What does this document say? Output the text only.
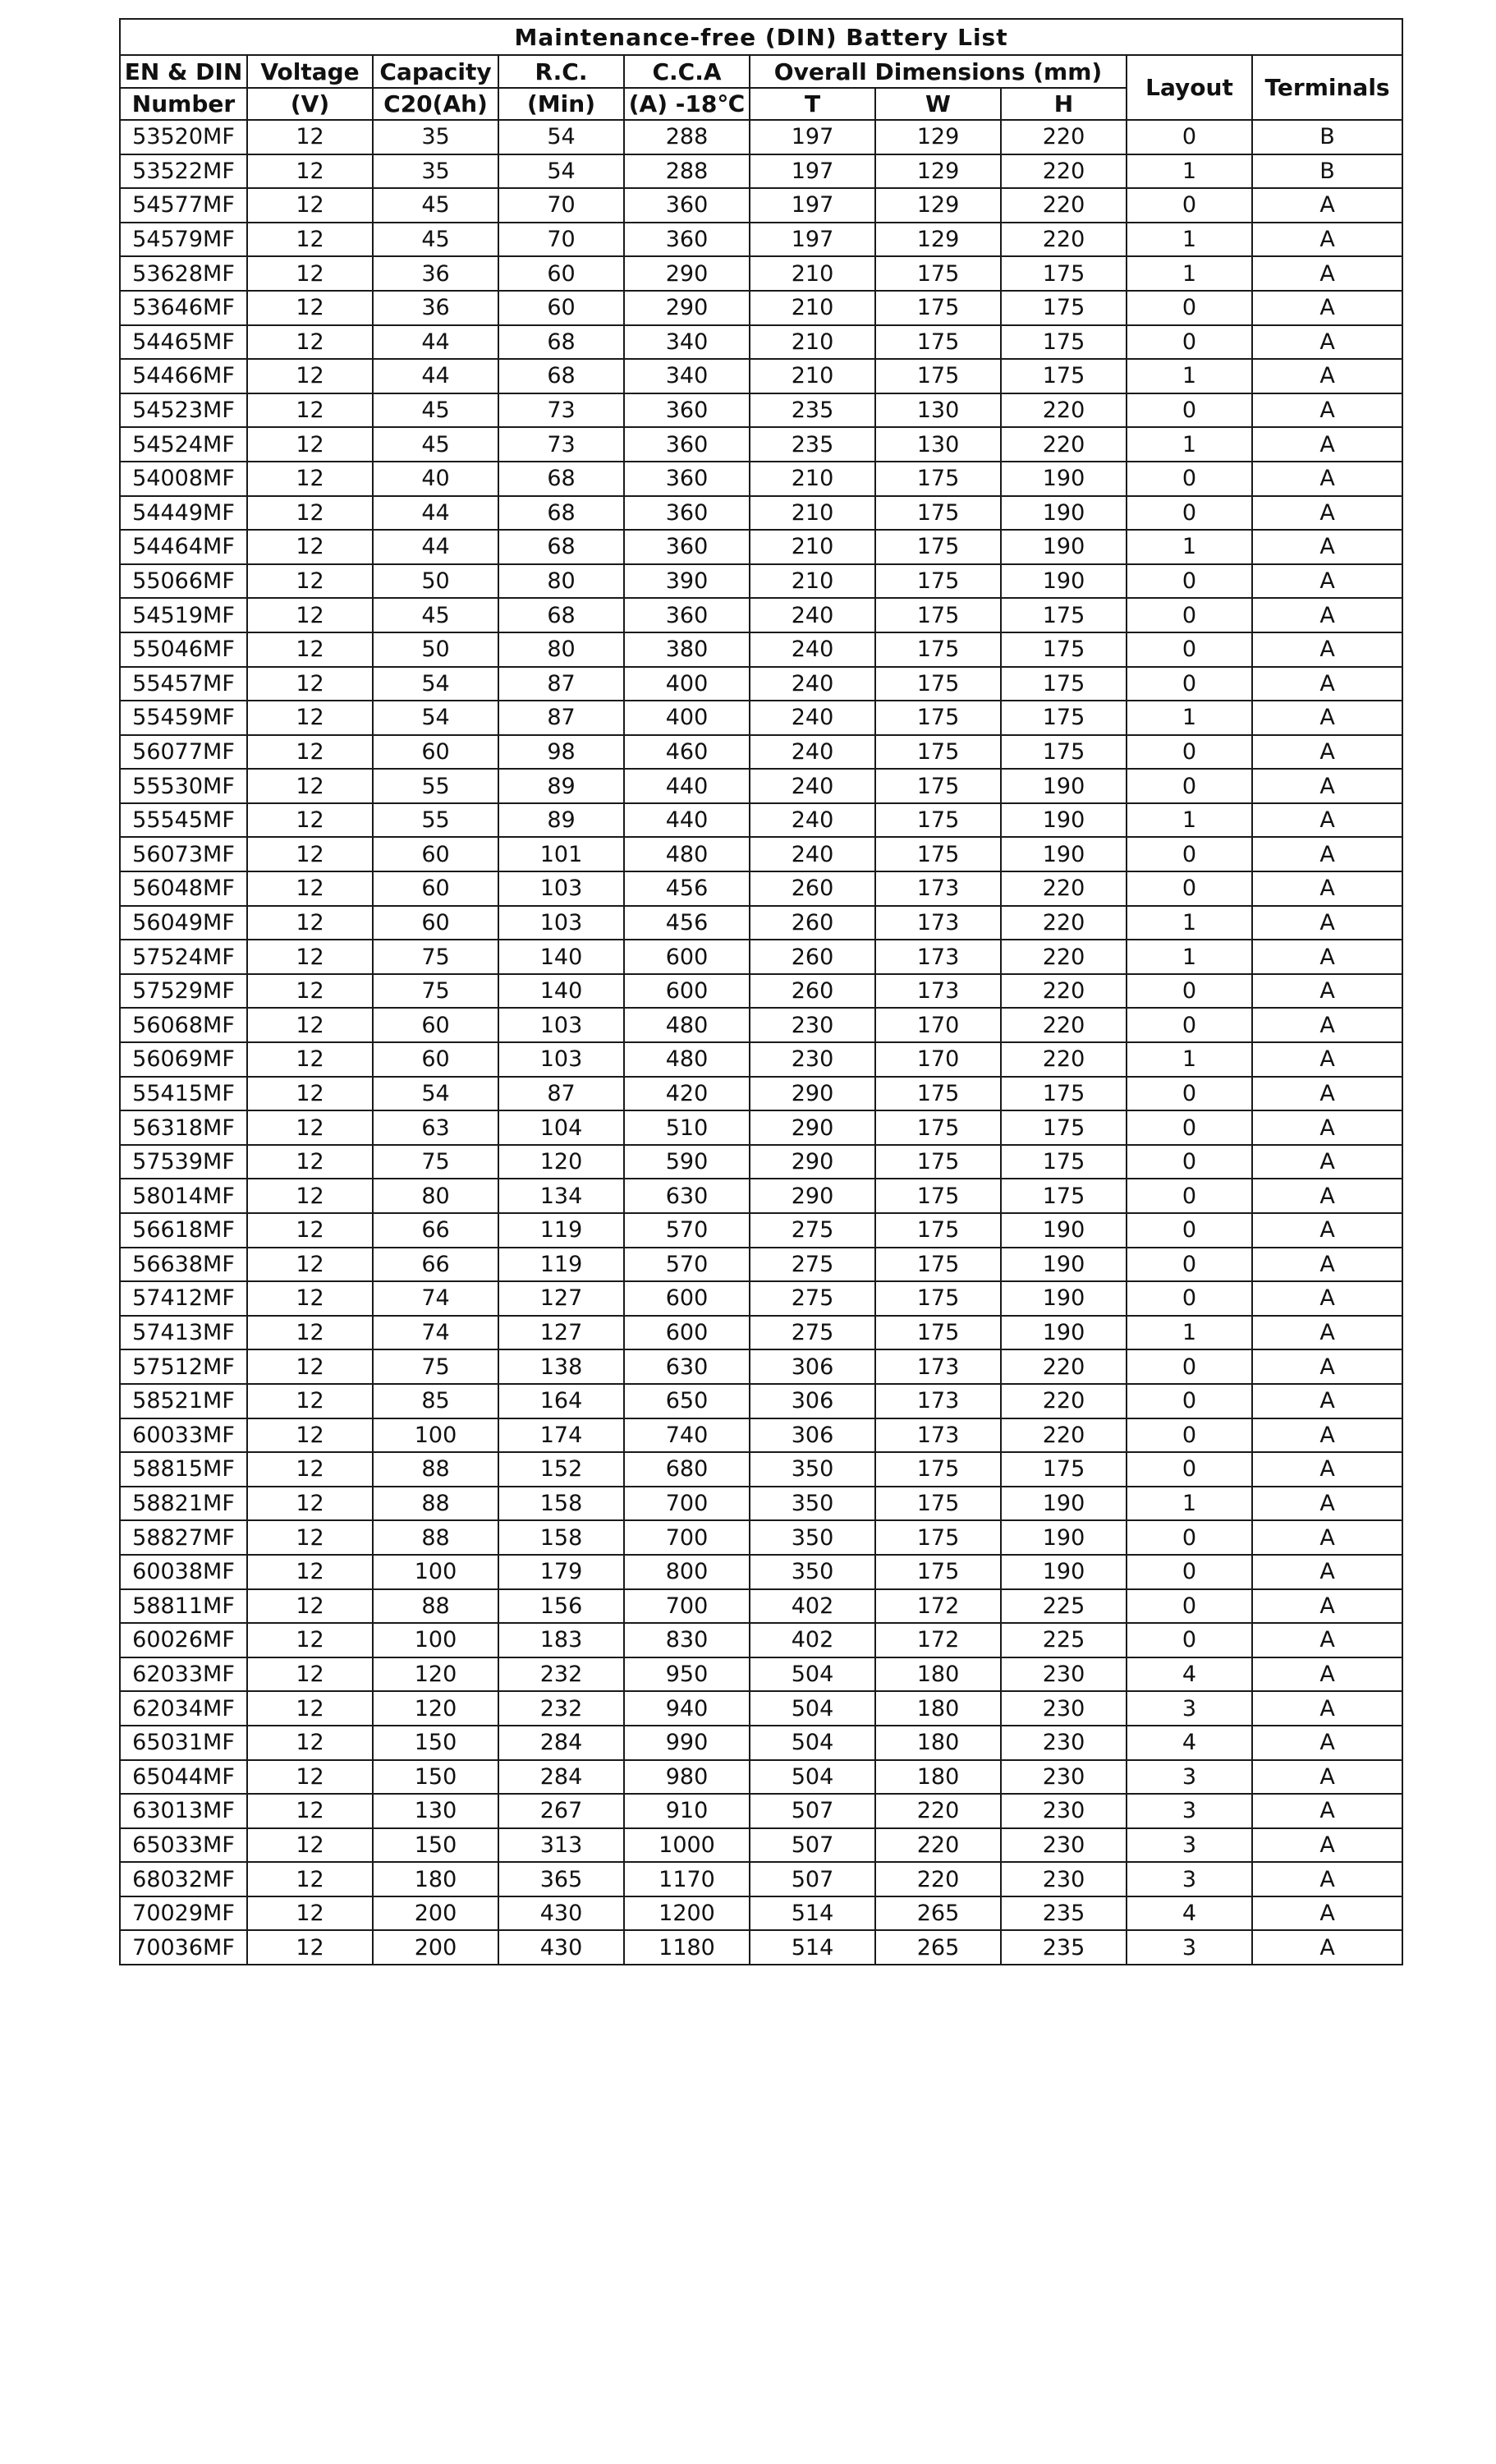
Maintenance-free (DIN) Battery List									
EN & DIN	Voltage	Capacity	R.C.	C.C.A	Overall Dimensions (mm)			Layout	Terminals
Number	(V)	C20(Ah)	(Min)	(A) -18℃	T	W	H		
53520MF	12	35	54	288	197	129	220	0	B
53522MF	12	35	54	288	197	129	220	1	B
54577MF	12	45	70	360	197	129	220	0	A
54579MF	12	45	70	360	197	129	220	1	A
53628MF	12	36	60	290	210	175	175	1	A
53646MF	12	36	60	290	210	175	175	0	A
54465MF	12	44	68	340	210	175	175	0	A
54466MF	12	44	68	340	210	175	175	1	A
54523MF	12	45	73	360	235	130	220	0	A
54524MF	12	45	73	360	235	130	220	1	A
54008MF	12	40	68	360	210	175	190	0	A
54449MF	12	44	68	360	210	175	190	0	A
54464MF	12	44	68	360	210	175	190	1	A
55066MF	12	50	80	390	210	175	190	0	A
54519MF	12	45	68	360	240	175	175	0	A
55046MF	12	50	80	380	240	175	175	0	A
55457MF	12	54	87	400	240	175	175	0	A
55459MF	12	54	87	400	240	175	175	1	A
56077MF	12	60	98	460	240	175	175	0	A
55530MF	12	55	89	440	240	175	190	0	A
55545MF	12	55	89	440	240	175	190	1	A
56073MF	12	60	101	480	240	175	190	0	A
56048MF	12	60	103	456	260	173	220	0	A
56049MF	12	60	103	456	260	173	220	1	A
57524MF	12	75	140	600	260	173	220	1	A
57529MF	12	75	140	600	260	173	220	0	A
56068MF	12	60	103	480	230	170	220	0	A
56069MF	12	60	103	480	230	170	220	1	A
55415MF	12	54	87	420	290	175	175	0	A
56318MF	12	63	104	510	290	175	175	0	A
57539MF	12	75	120	590	290	175	175	0	A
58014MF	12	80	134	630	290	175	175	0	A
56618MF	12	66	119	570	275	175	190	0	A
56638MF	12	66	119	570	275	175	190	0	A
57412MF	12	74	127	600	275	175	190	0	A
57413MF	12	74	127	600	275	175	190	1	A
57512MF	12	75	138	630	306	173	220	0	A
58521MF	12	85	164	650	306	173	220	0	A
60033MF	12	100	174	740	306	173	220	0	A
58815MF	12	88	152	680	350	175	175	0	A
58821MF	12	88	158	700	350	175	190	1	A
58827MF	12	88	158	700	350	175	190	0	A
60038MF	12	100	179	800	350	175	190	0	A
58811MF	12	88	156	700	402	172	225	0	A
60026MF	12	100	183	830	402	172	225	0	A
62033MF	12	120	232	950	504	180	230	4	A
62034MF	12	120	232	940	504	180	230	3	A
65031MF	12	150	284	990	504	180	230	4	A
65044MF	12	150	284	980	504	180	230	3	A
63013MF	12	130	267	910	507	220	230	3	A
65033MF	12	150	313	1000	507	220	230	3	A
68032MF	12	180	365	1170	507	220	230	3	A
70029MF	12	200	430	1200	514	265	235	4	A
70036MF	12	200	430	1180	514	265	235	3	A
